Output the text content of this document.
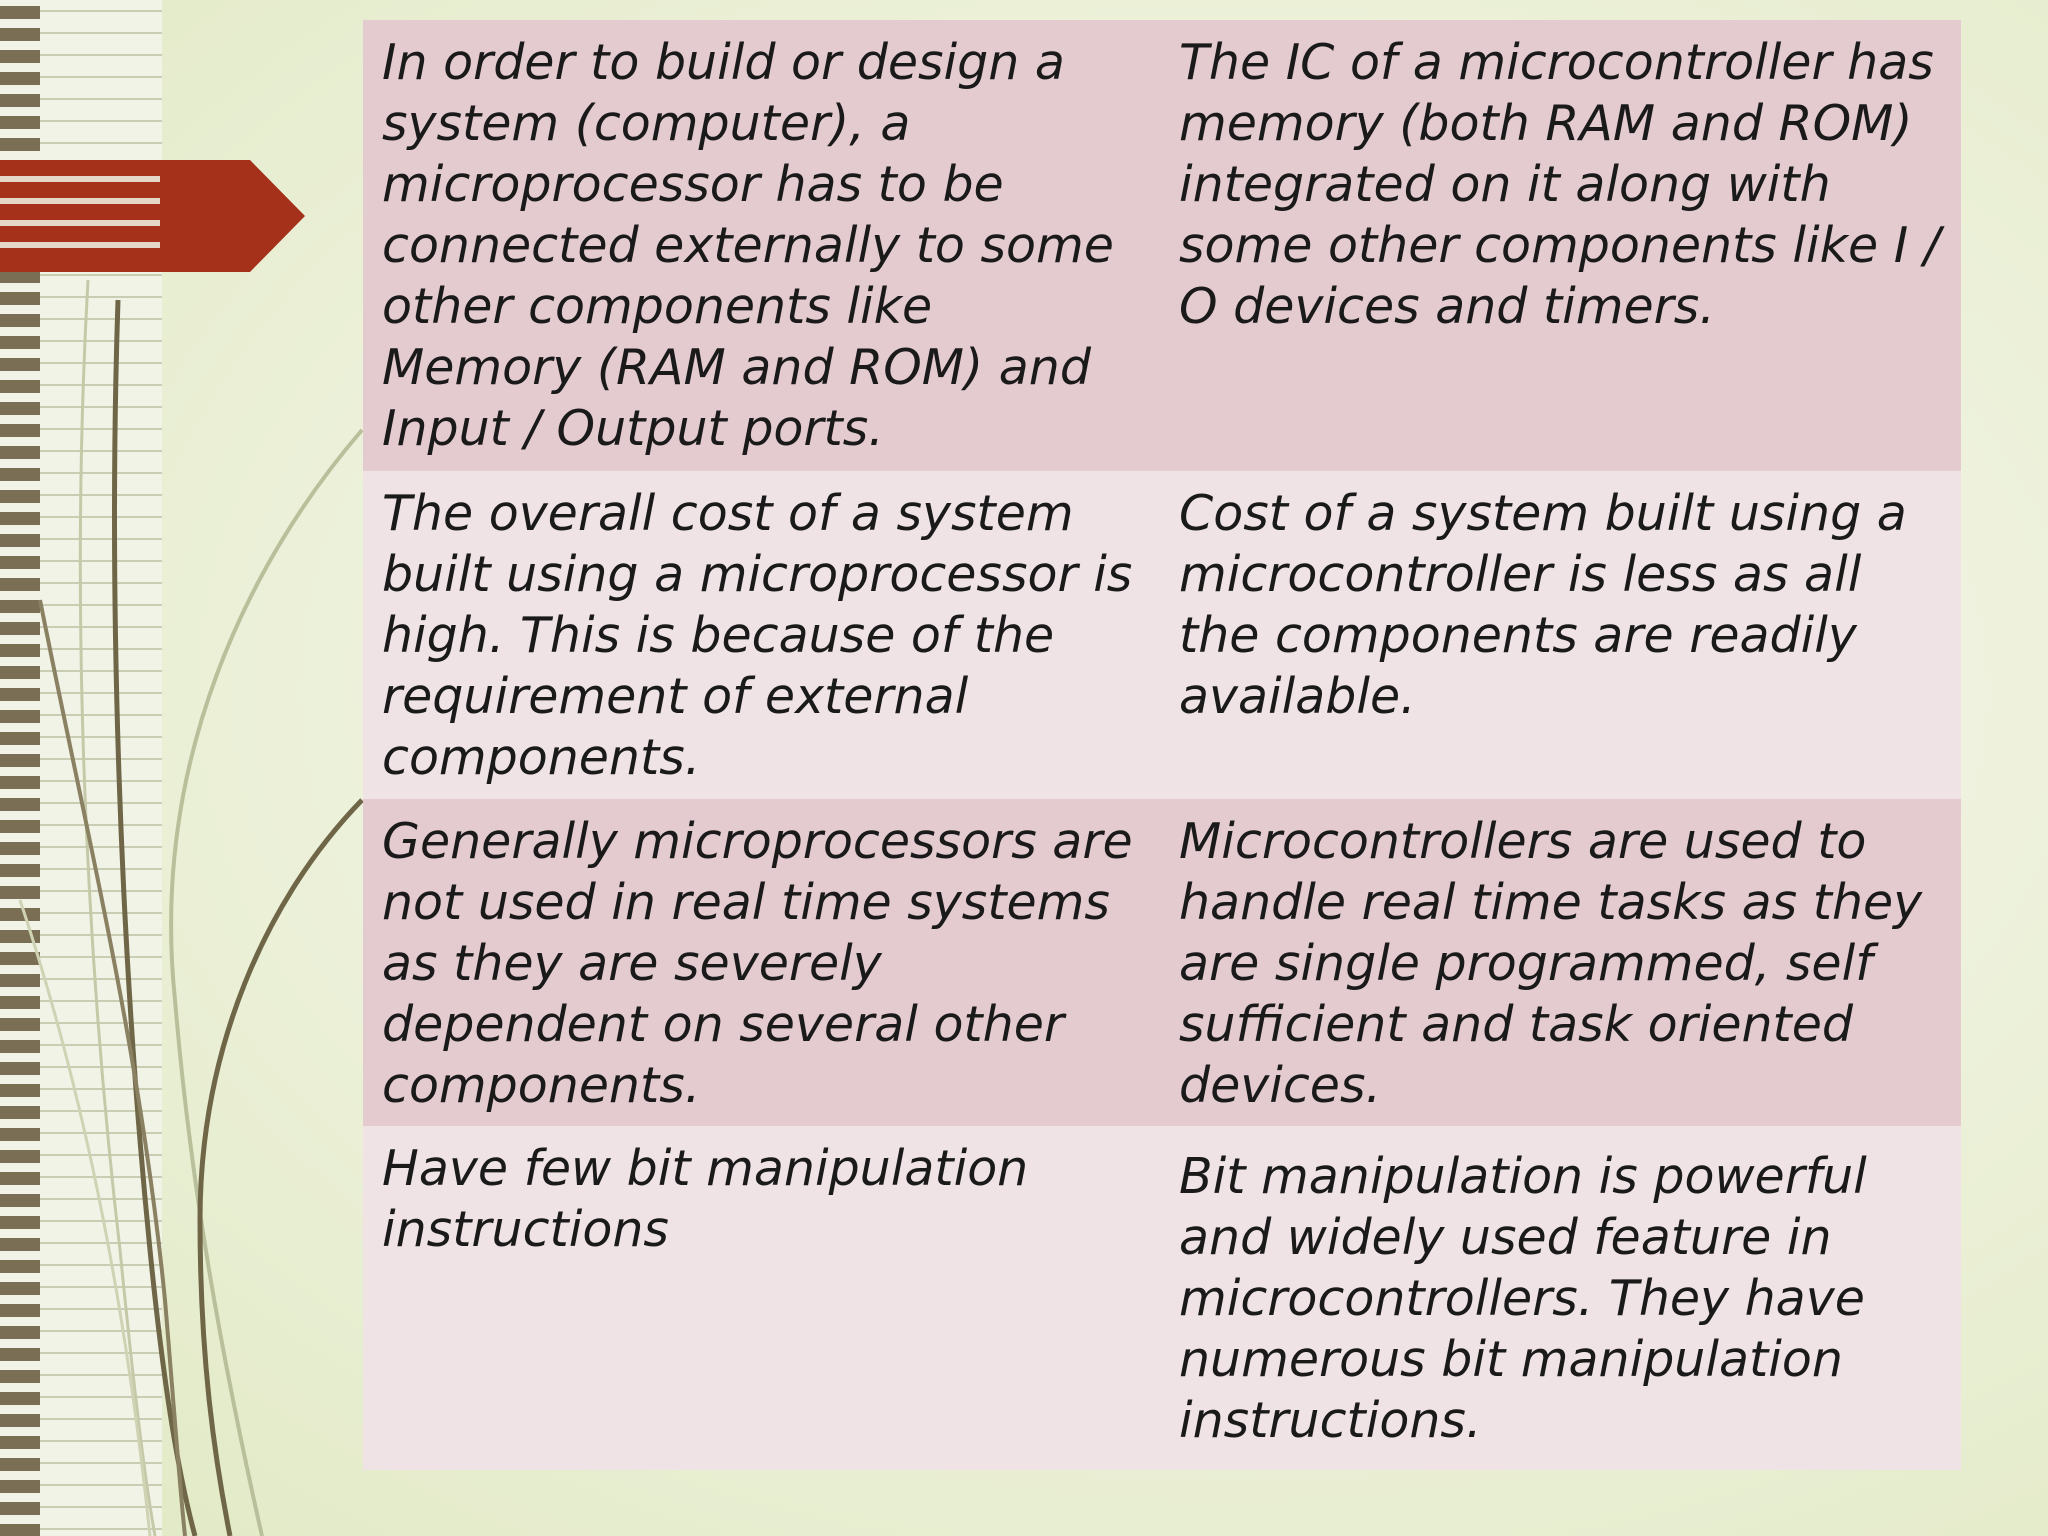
In order to build or design a system (computer), a microprocessor has to be connected externally to some other components like Memory (RAM and ROM) and Input / Output ports.	The IC of a microcontroller has memory (both RAM and ROM) integrated on it along with some other components like I / O devices and timers.
The overall cost of a system built using a microprocessor is high. This is because of the requirement of external components.	Cost of a system built using a microcontroller is less as all the components are readily available.
Generally microprocessors are not used in real time systems as they are severely dependent on several other components.	Microcontrollers are used to handle real time tasks as they are single programmed, self sufficient and task oriented devices.
Have few bit manipulation instructions	Bit manipulation is powerful and widely used feature in microcontrollers. They have numerous bit manipulation instructions.
